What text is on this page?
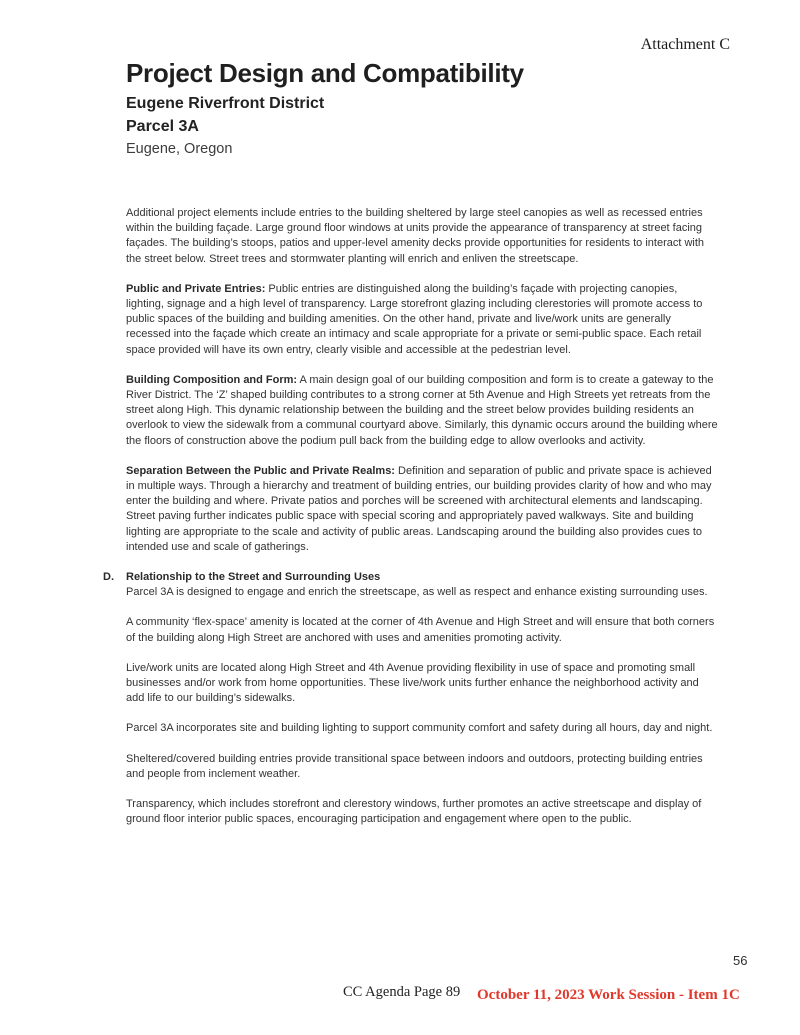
Attachment C
Project Design and Compatibility
Eugene Riverfront District
Parcel 3A
Eugene, Oregon

Additional project elements include entries to the building sheltered by large steel canopies as well as recessed entries within the building façade. Large ground floor windows at units provide the appearance of transparency at street facing façades. The building’s stoops, patios and upper-level amenity decks provide opportunities for residents to interact with the street below. Street trees and stormwater planting will enrich and enliven the streetscape.

Public and Private Entries: Public entries are distinguished along the building’s façade with projecting canopies, lighting, signage and a high level of transparency. Large storefront glazing including clerestories will promote access to public spaces of the building and building amenities. On the other hand, private and live/work units are generally recessed into the façade which create an intimacy and scale appropriate for a private or semi-public space. Each retail space provided will have its own entry, clearly visible and accessible at the pedestrian level.

Building Composition and Form: A main design goal of our building composition and form is to create a gateway to the River District. The ‘Z’ shaped building contributes to a strong corner at 5th Avenue and High Streets yet retreats from the street along High. This dynamic relationship between the building and the street below provides building residents an overlook to view the sidewalk from a communal courtyard above. Similarly, this dynamic occurs around the building where the floors of construction above the podium pull back from the building edge to allow overlooks and activity.

Separation Between the Public and Private Realms: Definition and separation of public and private space is achieved in multiple ways. Through a hierarchy and treatment of building entries, our building provides clarity of how and who may enter the building and where. Private patios and porches will be screened with architectural elements and landscaping. Street paving further indicates public space with special scoring and appropriately paved walkways. Site and building lighting are appropriate to the scale and activity of public areas. Landscaping around the building also provides cues to intended use and scale of gatherings.

D.	Relationship to the Street and Surrounding Uses

Parcel 3A is designed to engage and enrich the streetscape, as well as respect and enhance existing surrounding uses.

A community ‘flex-space’ amenity is located at the corner of 4th Avenue and High Street and will ensure that both corners of the building along High Street are anchored with uses and amenities promoting activity.

Live/work units are located along High Street and 4th Avenue providing flexibility in use of space and promoting small businesses and/or work from home opportunities. These live/work units further enhance the neighborhood activity and add life to our building’s sidewalks.

Parcel 3A incorporates site and building lighting to support community comfort and safety during all hours, day and night.

Sheltered/covered building entries provide transitional space between indoors and outdoors, protecting building entries and people from inclement weather.

Transparency, which includes storefront and clerestory windows, further promotes an active streetscape and display of ground floor interior public spaces, encouraging participation and engagement where open to the public.

56
CC Agenda Page 89 October 11, 2023 Work Session - Item 1C
